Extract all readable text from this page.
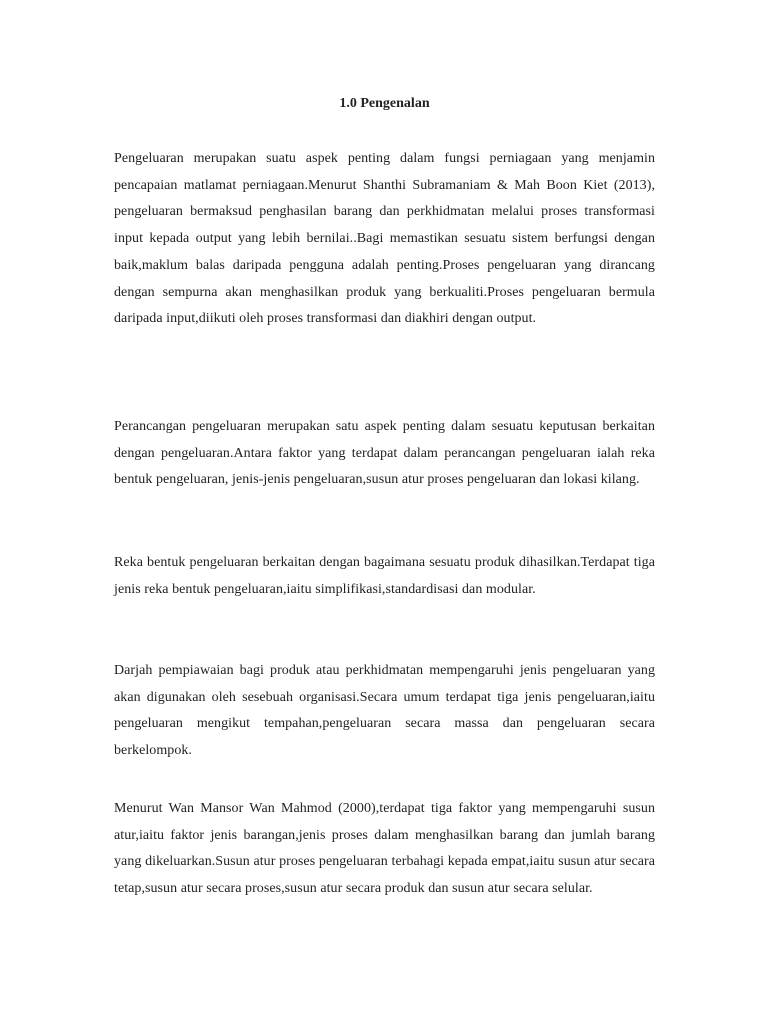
1.0 Pengenalan

Pengeluaran merupakan suatu aspek penting dalam fungsi perniagaan yang menjamin pencapaian matlamat perniagaan.Menurut Shanthi Subramaniam & Mah Boon Kiet (2013), pengeluaran bermaksud penghasilan barang dan perkhidmatan melalui proses transformasi input kepada output yang lebih bernilai..Bagi memastikan sesuatu sistem berfungsi dengan baik,maklum balas daripada pengguna adalah penting.Proses pengeluaran yang dirancang dengan sempurna akan menghasilkan produk yang berkualiti.Proses pengeluaran bermula daripada input,diikuti oleh proses transformasi dan diakhiri dengan output.

Perancangan pengeluaran merupakan satu aspek penting dalam sesuatu keputusan berkaitan dengan pengeluaran.Antara faktor yang terdapat dalam perancangan pengeluaran ialah reka bentuk pengeluaran, jenis-jenis pengeluaran,susun atur proses pengeluaran dan lokasi kilang.

Reka bentuk pengeluaran berkaitan dengan bagaimana sesuatu produk dihasilkan.Terdapat tiga jenis reka bentuk pengeluaran,iaitu simplifikasi,standardisasi dan modular.

Darjah pempiawaian bagi produk atau perkhidmatan mempengaruhi jenis pengeluaran yang akan digunakan oleh sesebuah organisasi.Secara umum terdapat tiga jenis pengeluaran,iaitu pengeluaran mengikut tempahan,pengeluaran secara massa dan pengeluaran secara berkelompok.

Menurut Wan Mansor Wan Mahmod (2000),terdapat tiga faktor yang mempengaruhi susun atur,iaitu faktor jenis barangan,jenis proses dalam menghasilkan barang dan jumlah barang yang dikeluarkan.Susun atur proses pengeluaran terbahagi kepada empat,iaitu susun atur secara tetap,susun atur secara proses,susun atur secara produk dan susun atur secara selular.
